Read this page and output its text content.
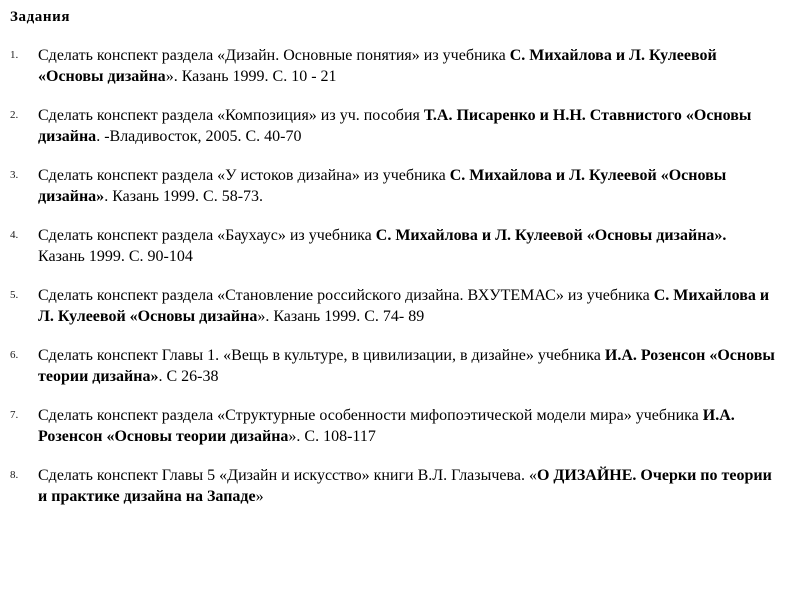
Задания
1.	Сделать конспект раздела «Дизайн. Основные понятия» из учебника С. Михайлова и Л. Кулеевой «Основы дизайна». Казань 1999. С. 10 - 21
2.	Сделать конспект раздела «Композиция» из уч. пособия Т.А. Писаренко и Н.Н. Ставнистого «Основы дизайна. -Владивосток, 2005. С. 40-70
3.	Сделать конспект раздела «У истоков дизайна» из учебника С. Михайлова и Л. Кулеевой «Основы дизайна». Казань 1999. С. 58-73.
4.	Сделать конспект раздела «Баухаус» из учебника С. Михайлова и Л. Кулеевой «Основы дизайна». Казань 1999. С. 90-104
5.	Сделать конспект раздела «Становление российского дизайна. ВХУТЕМАС» из учебника С. Михайлова и Л. Кулеевой «Основы дизайна». Казань 1999. С. 74- 89
6.	Сделать конспект Главы 1. «Вещь в культуре, в цивилизации, в дизайне» учебника И.А. Розенсон «Основы теории дизайна». С 26-38
7.	Сделать конспект раздела «Структурные особенности мифопоэтической модели мира» учебника И.А. Розенсон «Основы теории дизайна». С. 108-117
8.	Сделать конспект Главы 5 «Дизайн и искусство» книги В.Л. Глазычева. «О ДИЗАЙНЕ. Очерки по теории и практике дизайна на Западе»
